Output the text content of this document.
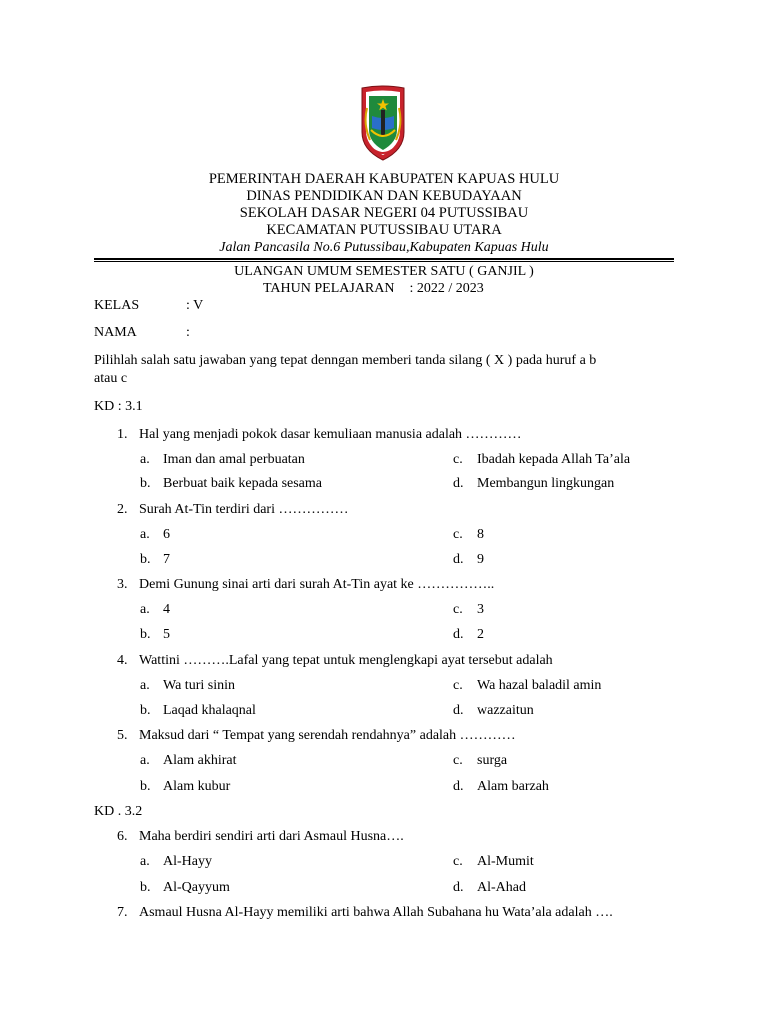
PEMERINTAH DAERAH KABUPATEN KAPUAS HULU
DINAS PENDIDIKAN DAN KEBUDAYAAN
SEKOLAH DASAR NEGERI 04 PUTUSSIBAU
KECAMATAN PUTUSSIBAU UTARA
Jalan Pancasila No.6 Putussibau,Kabupaten Kapuas Hulu
ULANGAN UMUM SEMESTER SATU ( GANJIL )
TAHUN PELAJARAN : 2022 / 2023
KELAS	: V
NAMA	:
Pilihlah salah satu jawaban yang tepat denngan memberi tanda silang ( X ) pada huruf a b
atau c
KD : 3.1
1. Hal yang menjadi pokok dasar kemuliaan manusia adalah …………
a. Iman dan amal perbuatan	c. Ibadah kepada Allah Ta’ala
b. Berbuat baik kepada sesama	d. Membangun lingkungan
2. Surah At-Tin terdiri dari ……………
a. 6	c. 8
b. 7	d. 9
3. Demi Gunung sinai arti dari surah At-Tin ayat ke ……………..
a. 4	c. 3
b. 5	d. 2
4. Wattini ……….Lafal yang tepat untuk menglengkapi ayat tersebut adalah
a. Wa turi sinin	c. Wa hazal baladil amin
b. Laqad khalaqnal	d. wazzaitun
5. Maksud dari “ Tempat yang serendah rendahnya” adalah …………
a. Alam akhirat	c. surga
b. Alam kubur	d. Alam barzah
KD . 3.2
6. Maha berdiri sendiri arti dari Asmaul Husna….
a. Al-Hayy	c. Al-Mumit
b. Al-Qayyum	d. Al-Ahad
7. Asmaul Husna Al-Hayy memiliki arti bahwa Allah Subahana hu Wata’ala adalah ….
